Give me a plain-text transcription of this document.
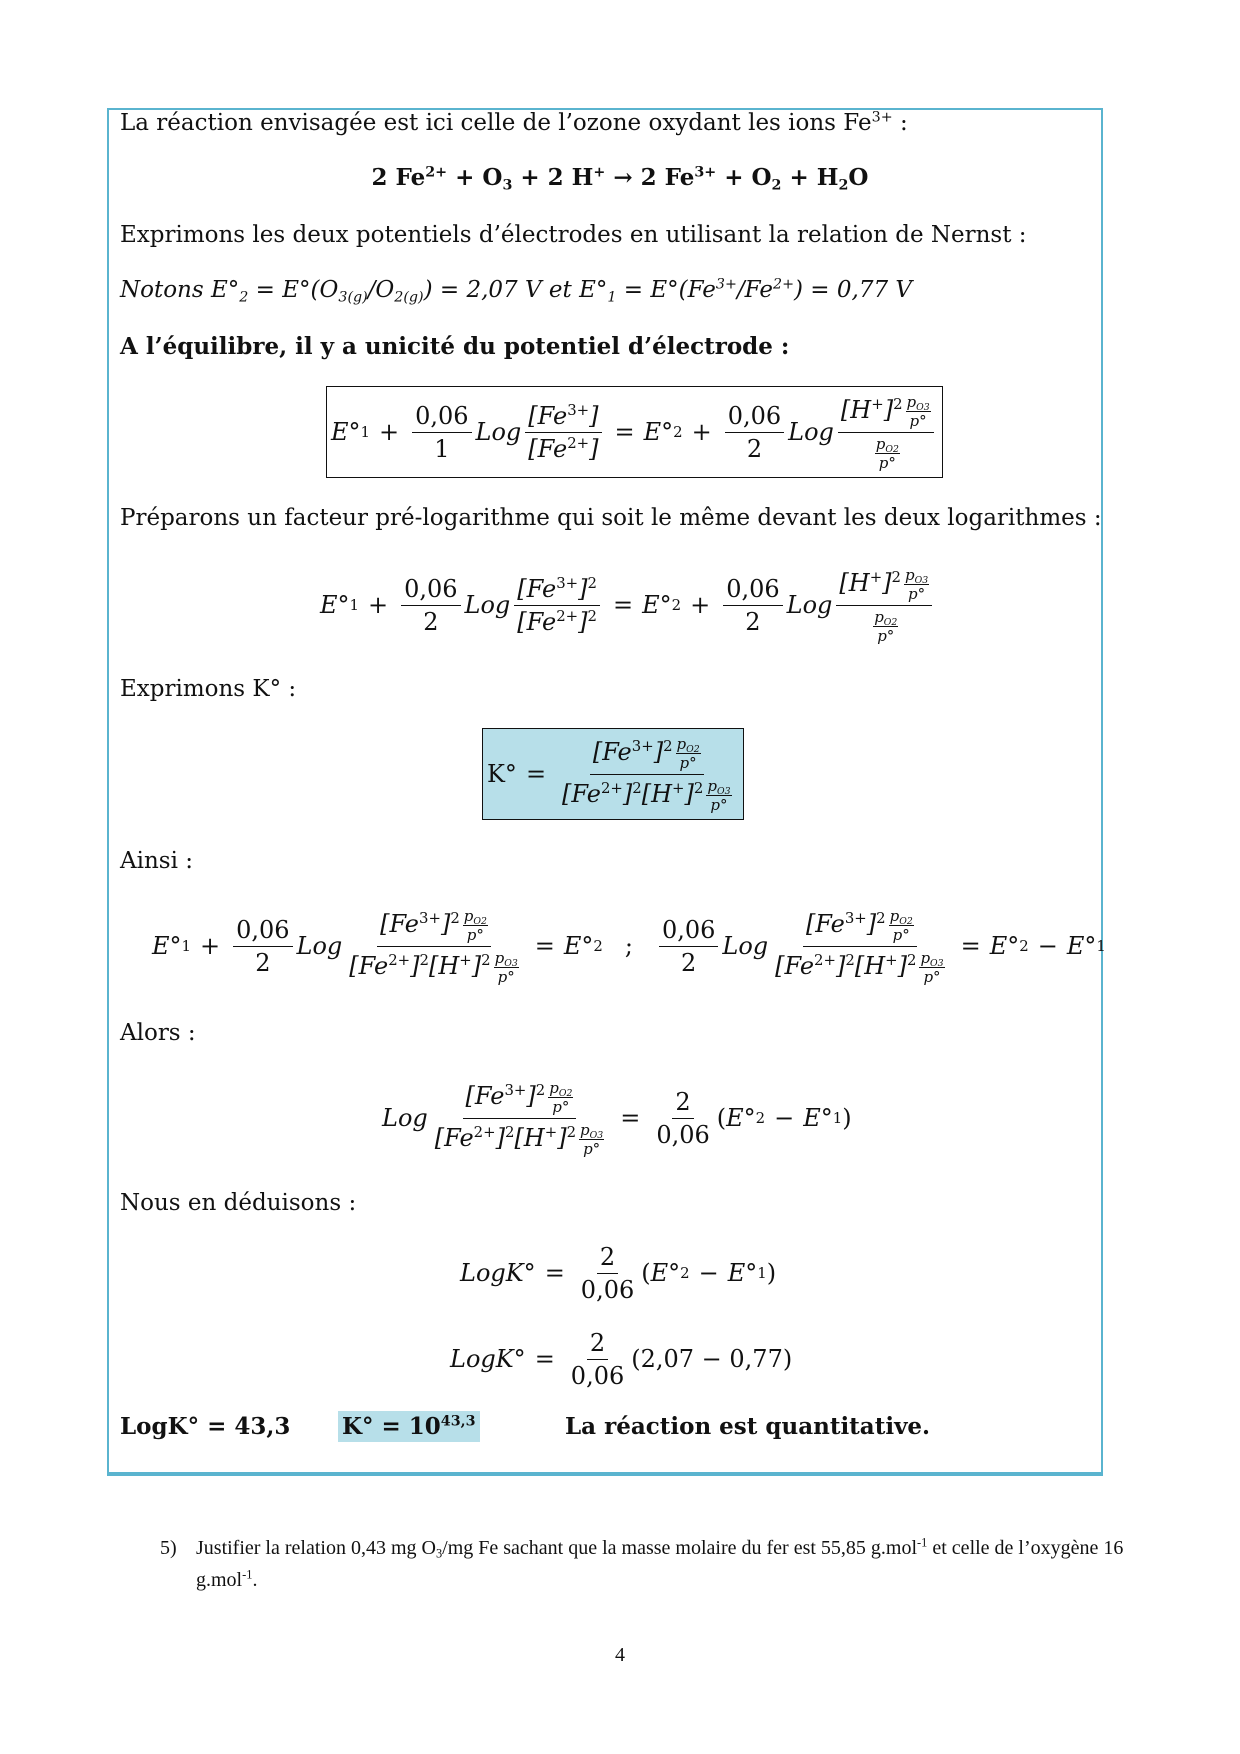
La réaction envisagée est ici celle de l’ozone oxydant les ions $Fe^{3+}$ :
2 $Fe^{2+} + O_3 + 2$ H+ → 2 $Fe^{3+} + O_2 + H_2O$
Exprimons les deux potentiels d’électrodes en utilisant la relation de Nernst :
Notons $E^\circ_2 = E^\circ(O_{3(g)}/O_{2(g)}) = 2,07$ V et $E^\circ_1 = E^\circ(Fe^{3+}/Fe^{2+}) = 0,77$ V
A l’équilibre, il y a unicité du potentiel d’électrode :
E° $1 + \frac{0,06}{1}$ Log $\frac{[Fe^{3+}]}{[Fe^{2+}]} = E^\circ$ $2 + \frac{0,06}{2}$ Log $\frac{[H^+]^2 \frac{p_{O3}}{p^\circ}}{\frac{p_{O2}}{p^\circ}}$
Préparons un facteur pré-logarithme qui soit le même devant les deux logarithmes :
E° $1 + \frac{0,06}{2}$ Log $\frac{[Fe^{3+}]^2}{[Fe^{2+}]^2} = E^\circ$ $2 + \frac{0,06}{2}$ Log $\frac{[H^+]^2 \frac{p_{O3}}{p^\circ}}{\frac{p_{O2}}{p^\circ}}$
Exprimons K° :
$K^\circ = \frac{[Fe^{3+}]^2 \frac{p_{O2}}{p^\circ}}{[Fe^{2+}]^2[H^+]^2 \frac{p_{O3}}{p^\circ}}$
Ainsi :
E° $1 + \frac{0,06}{2}$ Log $\frac{[Fe^{3+}]^2 \frac{p_{O2}}{p^\circ}}{[Fe^{2+}]^2[H^+]^2 \frac{p_{O3}}{p^\circ}} = E^\circ$ 2 ; $\frac{0,06}{2}$ Log $\frac{[Fe^{3+}]^2 \frac{p_{O2}}{p^\circ}}{[Fe^{2+}]^2[H^+]^2 \frac{p_{O3}}{p^\circ}} = E^\circ$ 2 − E° 1
Alors :
Log $\frac{[Fe^{3+}]^2 \frac{p_{O2}}{p^\circ}}{[Fe^{2+}]^2[H^+]^2 \frac{p_{O3}}{p^\circ}} = \frac{2}{0,06}$ ( E° 2 − E° 1 )
Nous en déduisons :
LogK° = $\frac{2}{0,06}$ ( E° 2 − E° 1 )
LogK° = $\frac{2}{0,06} (2,07 - 0,77)$
LogK° = 43,3 $K^\circ = 10^{43,3}$	La réaction est quantitative.
5) Justifier la relation 0,43 mg $O_3/mg$ Fe sachant que la masse molaire du fer est 55,85 g.mol$^{-1}$ et celle de l’oxygène 16 g.mol$^{-1}$.
4
